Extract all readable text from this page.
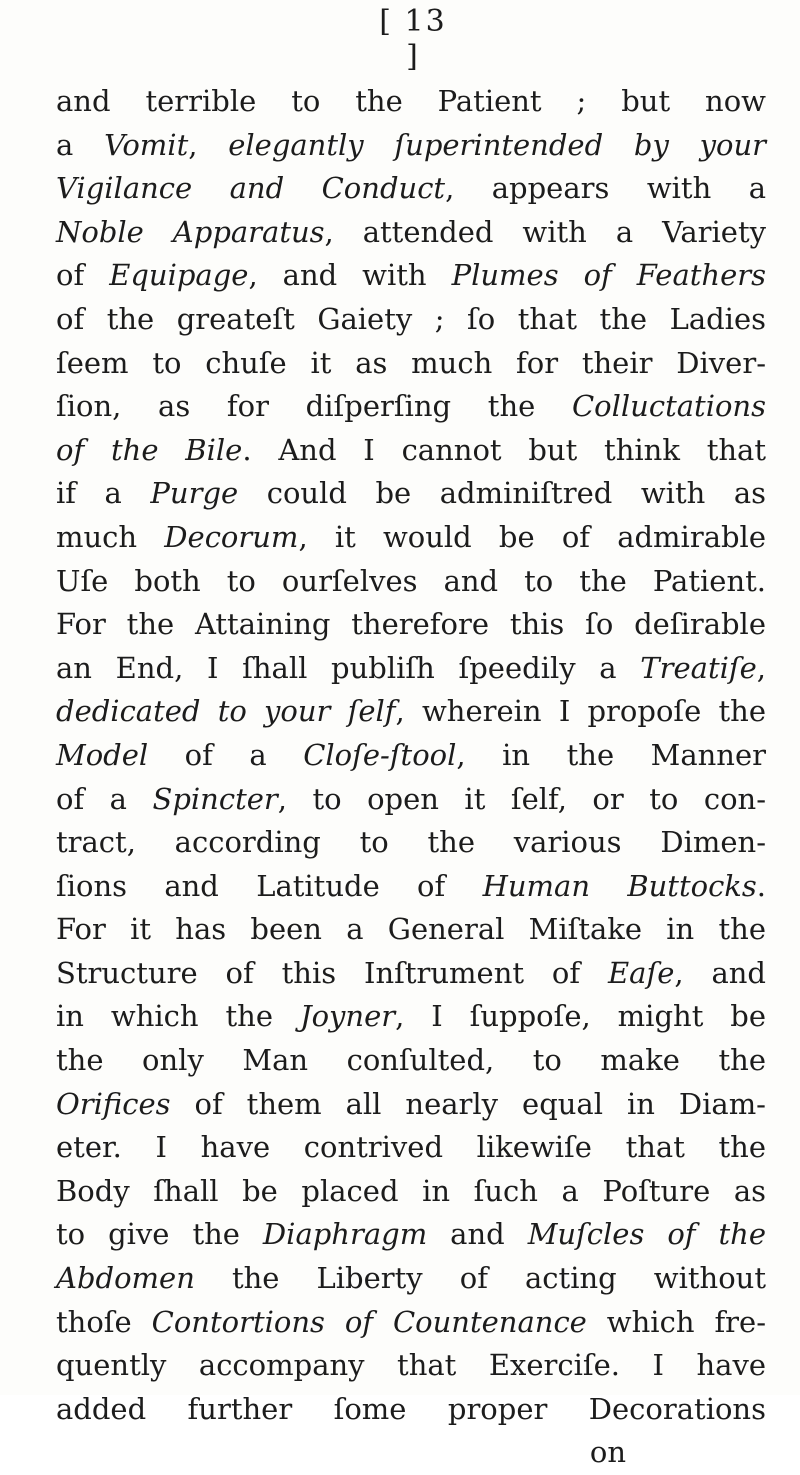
[ 13 ]
and terrible to the Patient ; but now
a Vomit, elegantly ſuperintended by your
Vigilance and Conduct, appears with a
Noble Apparatus, attended with a Variety
of Equipage, and with Plumes of Feathers
of the greateſt Gaiety ; ſo that the Ladies
ſeem to chuſe it as much for their Diver-
ſion, as for diſperſing the Colluctations
of the Bile. And I cannot but think that
if a Purge could be adminiſtred with as
much Decorum, it would be of admirable
Uſe both to ourſelves and to the Patient.
For the Attaining therefore this ſo deſirable
an End, I ſhall publiſh ſpeedily a Treatiſe,
dedicated to your ſelf, wherein I propoſe the
Model of a Cloſe-ſtool, in the Manner
of a Spincter, to open it ſelf, or to con-
tract, according to the various Dimen-
ſions and Latitude of Human Buttocks.
For it has been a General Miſtake in the
Structure of this Inſtrument of Eaſe, and
in which the Joyner, I ſuppoſe, might be
the only Man conſulted, to make the
Orifices of them all nearly equal in Diam-
eter. I have contrived likewiſe that the
Body ſhall be placed in ſuch a Poſture as
to give the Diaphragm and Muſcles of the
Abdomen the Liberty of acting without
thoſe Contortions of Countenance which fre-
quently accompany that Exerciſe. I have
added further ſome proper Decorations
on
